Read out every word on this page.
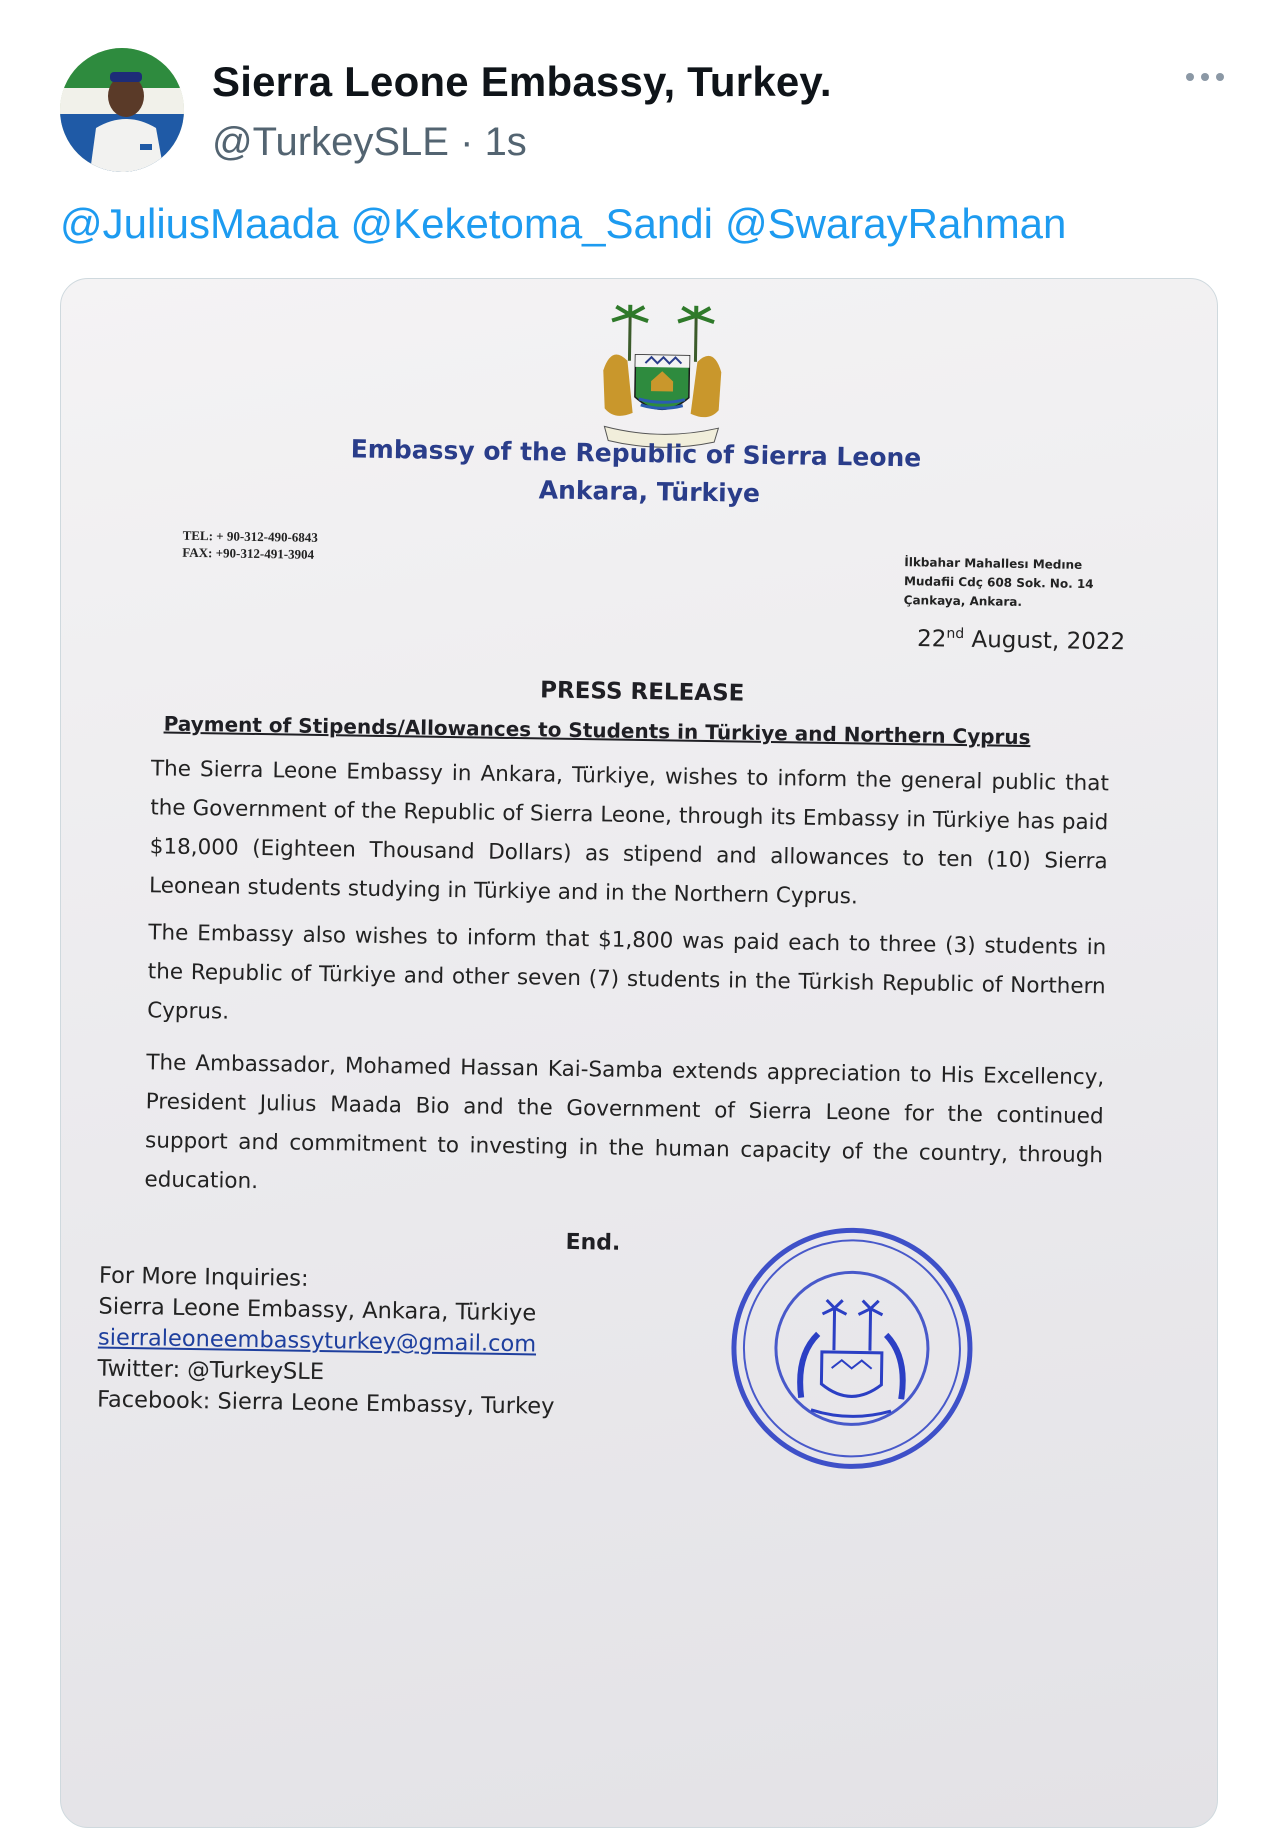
Sierra Leone Embassy, Turkey.
@TurkeySLE · 1s
@JuliusMaada @Keketoma_Sandi @SwarayRahman
Embassy of the Republic of Sierra Leone
Ankara, Türkiye
TEL: + 90-312-490-6843
FAX: +90-312-491-3904
İlkbahar Mahallesı Medıne
Mudafii Cdç 608 Sok. No. 14
Çankaya, Ankara.
22nd August, 2022
PRESS RELEASE
Payment of Stipends/Allowances to Students in Türkiye and Northern Cyprus
The Sierra Leone Embassy in Ankara, Türkiye, wishes to inform the general public that the Government of the Republic of Sierra Leone, through its Embassy in Türkiye has paid $18,000 (Eighteen Thousand Dollars) as stipend and allowances to ten (10) Sierra Leonean students studying in Türkiye and in the Northern Cyprus.
The Embassy also wishes to inform that $1,800 was paid each to three (3) students in the Republic of Türkiye and other seven (7) students in the Türkish Republic of Northern Cyprus.
The Ambassador, Mohamed Hassan Kai-Samba extends appreciation to His Excellency, President Julius Maada Bio and the Government of Sierra Leone for the continued support and commitment to investing in the human capacity of the country, through education.
End.
For More Inquiries:
Sierra Leone Embassy, Ankara, Türkiye
sierraleoneembassyturkey@gmail.com
Twitter: @TurkeySLE
Facebook: Sierra Leone Embassy, Turkey
